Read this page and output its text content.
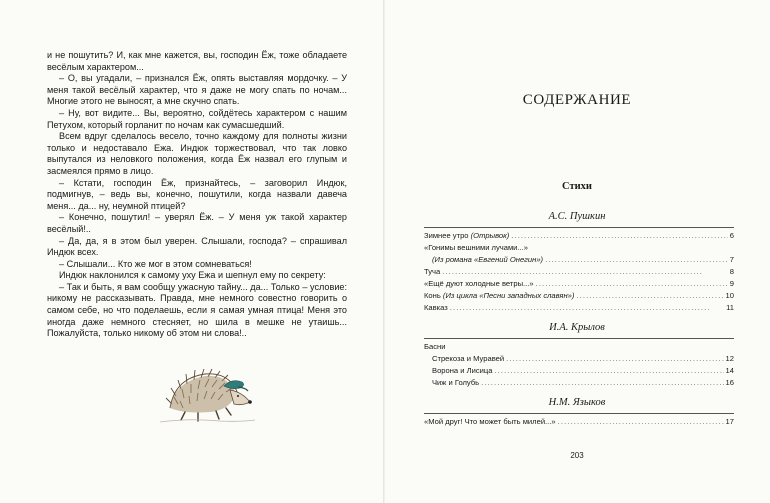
и не пошутить? И, как мне кажется, вы, господин Ёж, тоже обладаете весёлым характером...

– О, вы угадали, – признался Ёж, опять выставляя мордочку. – У меня такой весёлый характер, что я даже не могу спать по ночам... Многие этого не выносят, а мне скучно спать.

– Ну, вот видите... Вы, вероятно, сойдётесь характером с нашим Петухом, который горланит по ночам как сумасшедший.

Всем вдруг сделалось весело, точно каждому для полноты жизни только и недоставало Ежа. Индюк торжествовал, что так ловко выпутался из неловкого положения, когда Ёж назвал его глупым и засмеялся прямо в лицо.

– Кстати, господин Ёж, признайтесь, – заговорил Индюк, подмигнув, – ведь вы, конечно, пошутили, когда назвали давеча меня... да... ну, неумной птицей?

– Конечно, пошутил! – уверял Ёж. – У меня уж такой характер весёлый!..

– Да, да, я в этом был уверен. Слышали, господа? – спрашивал Индюк всех.

– Слышали... Кто же мог в этом сомневаться!

Индюк наклонился к самому уху Ежа и шепнул ему по секрету:

– Так и быть, я вам сообщу ужасную тайну... да... Только – условие: никому не рассказывать. Правда, мне немного совестно говорить о самом себе, но что поделаешь, если я самая умная птица! Меня это иногда даже немного стесняет, но шила в мешке не утаишь... Пожалуйста, только никому об этом ни слова!..

СОДЕРЖАНИЕ
Стихи
А.С. Пушкин
Зимнее утро (Отрывок) . . .	6
«Гонимы вешними лучами...»
(Из романа «Евгений Онегин») . . .	7
Туча . . .	8
«Ещё дуют холодные ветры...» . . .	9
Конь (Из цикла «Песни западных славян») . . .	10
Кавказ . . .	11
И.А. Крылов
Басни
Стрекоза и Муравей . . .	12
Ворона и Лисица . . .	14
Чиж и Голубь . . .	16
Н.М. Языков
«Мой друг! Что может быть милей...» . . .	17
203
